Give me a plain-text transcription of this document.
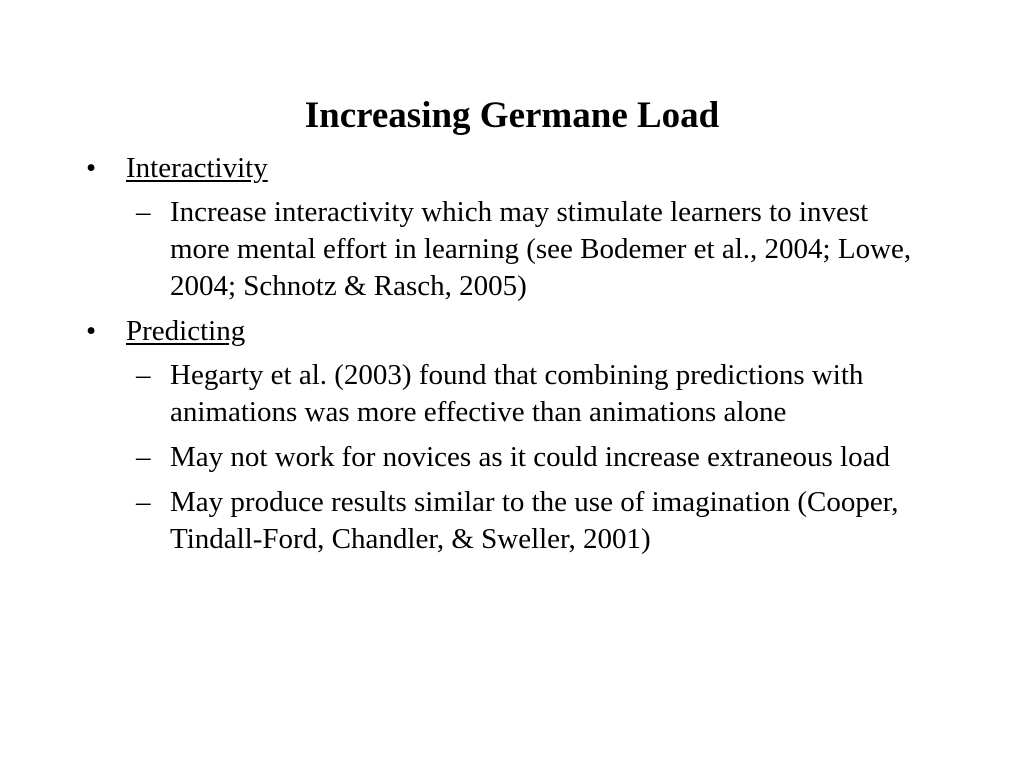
Increasing Germane Load
• Interactivity
– Increase interactivity which may stimulate learners to invest more mental effort in learning (see Bodemer et al., 2004; Lowe, 2004; Schnotz & Rasch, 2005)
• Predicting
– Hegarty et al. (2003) found that combining predictions with animations was more effective than animations alone
– May not work for novices as it could increase extraneous load
– May produce results similar to the use of imagination (Cooper, Tindall-Ford, Chandler, & Sweller, 2001)
